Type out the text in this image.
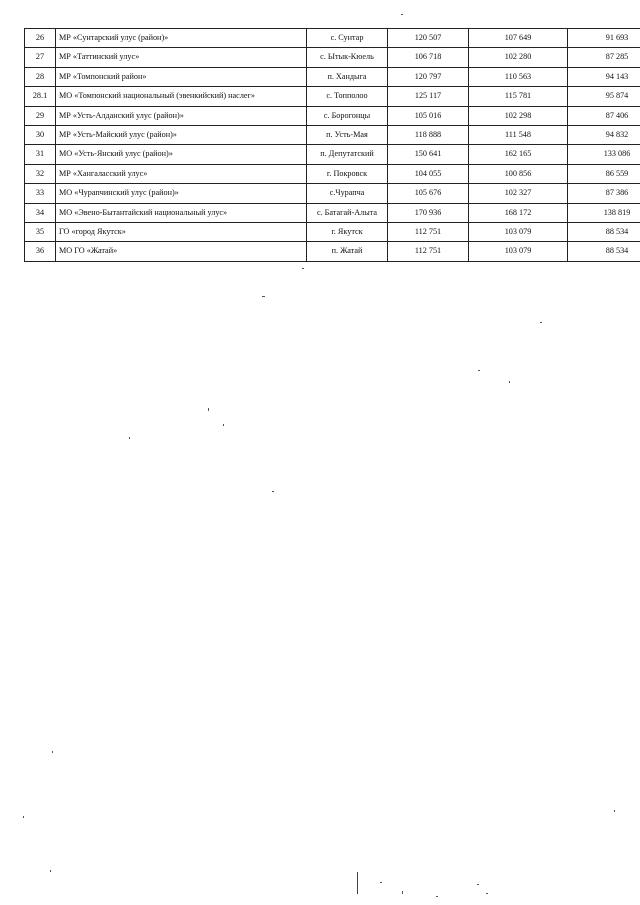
26	МР «Сунтарский улус (район)»	с. Сунтар	120 507	107 649	91 693
27	МР «Таттинский улус»	с. Ытык-Кюель	106 718	102 280	87 285
28	МР «Томпонский район»	п. Хандыга	120 797	110 563	94 143
28.1	МО «Томпонский национальный (эвенкийский) наслег»	с. Топполоо	125 117	115 781	95 874
29	МР «Усть-Алданский улус (район)»	с. Борогонцы	105 016	102 298	87 406
30	МР «Усть-Майский улус (район)»	п. Усть-Мая	118 888	111 548	94 832
31	МО «Усть-Янский улус (район)»	п. Депутатский	150 641	162 165	133 086
32	МР «Хангаласский улус»	г. Покровск	104 055	100 856	86 559
33	МО «Чурапчинский улус (район)»	с.Чурапча	105 676	102 327	87 386
34	МО «Эвено-Бытантайский национальный улус»	с. Батагай-Алыта	170 936	168 172	138 819
35	ГО «город Якутск»	г. Якутск	112 751	103 079	88 534
36	МО ГО «Жатай»	п. Жатай	112 751	103 079	88 534
